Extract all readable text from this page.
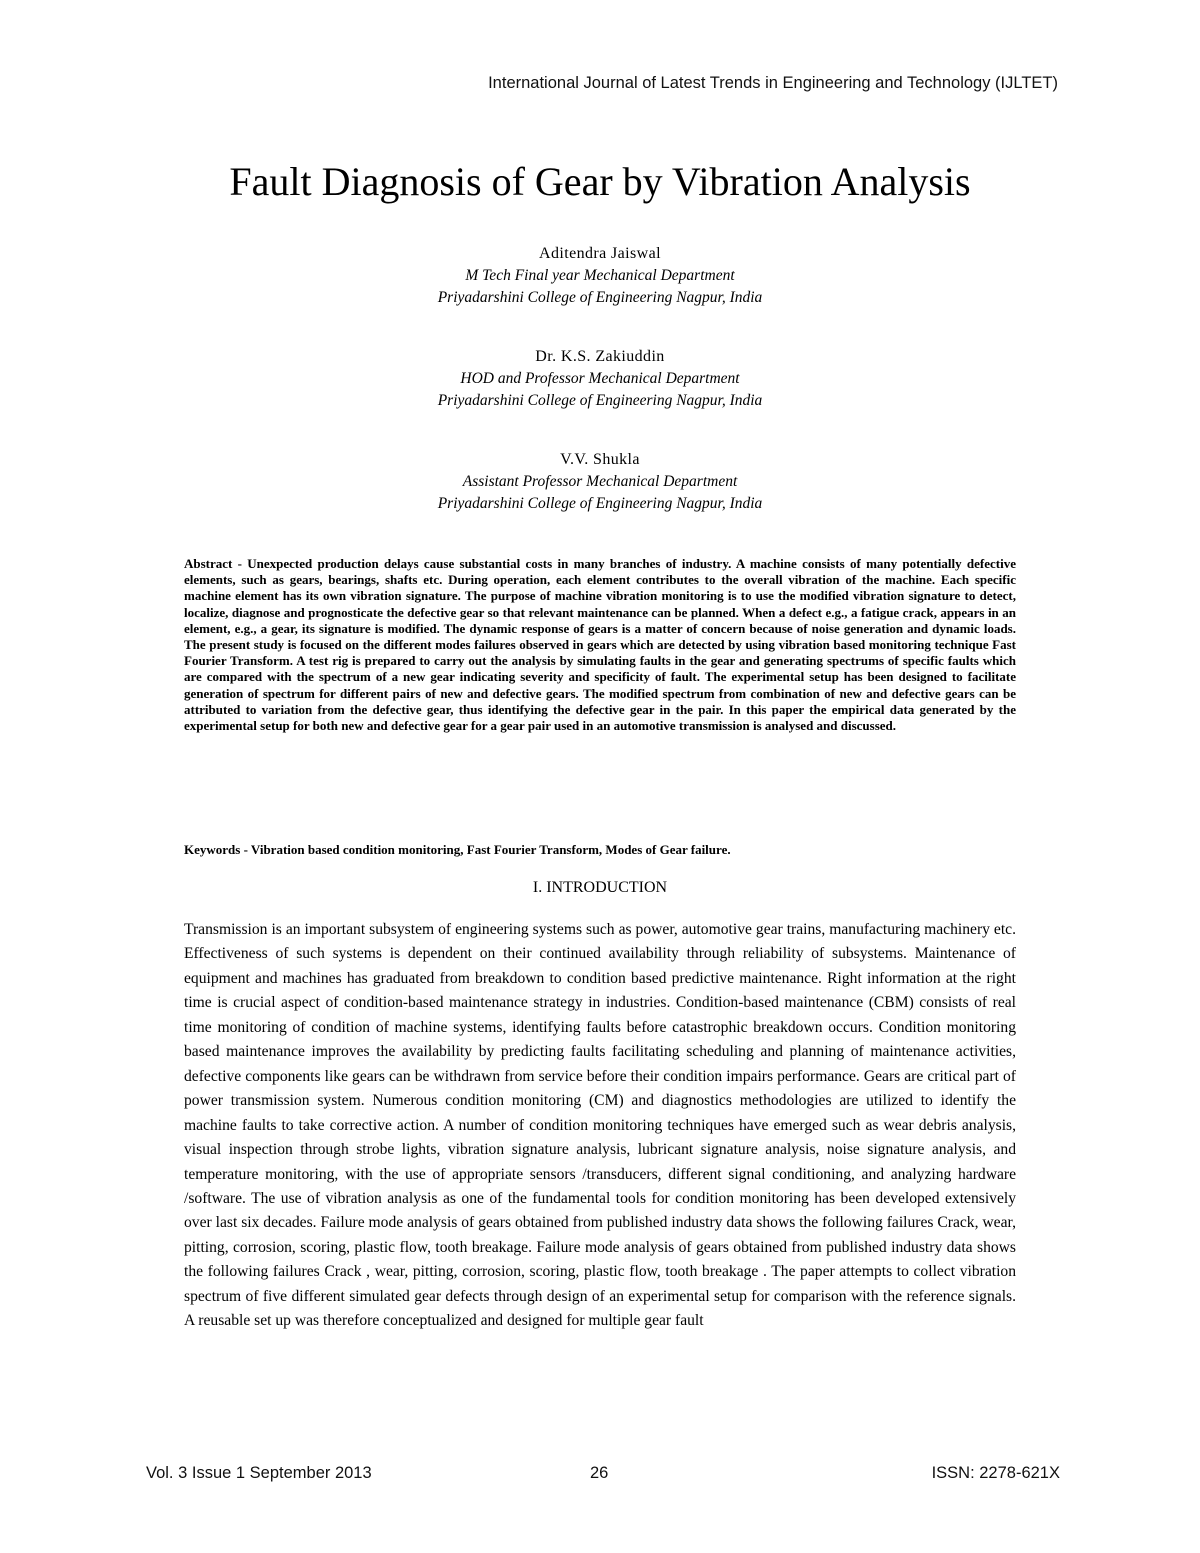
International Journal of Latest Trends in Engineering and Technology (IJLTET)
Fault Diagnosis of Gear by Vibration Analysis
Aditendra Jaiswal
M Tech Final year Mechanical Department
Priyadarshini College of Engineering Nagpur, India
Dr. K.S. Zakiuddin
HOD and Professor Mechanical Department
Priyadarshini College of Engineering Nagpur, India
V.V. Shukla
Assistant Professor Mechanical Department
Priyadarshini College of Engineering Nagpur, India

Abstract - Unexpected production delays cause substantial costs in many branches of industry. A machine consists of many potentially defective elements, such as gears, bearings, shafts etc. During operation, each element contributes to the overall vibration of the machine. Each specific machine element has its own vibration signature. The purpose of machine vibration monitoring is to use the modified vibration signature to detect, localize, diagnose and prognosticate the defective gear so that relevant maintenance can be planned. When a defect e.g., a fatigue crack, appears in an element, e.g., a gear, its signature is modified. The dynamic response of gears is a matter of concern because of noise generation and dynamic loads. The present study is focused on the different modes failures observed in gears which are detected by using vibration based monitoring technique Fast Fourier Transform. A test rig is prepared to carry out the analysis by simulating faults in the gear and generating spectrums of specific faults which are compared with the spectrum of a new gear indicating severity and specificity of fault. The experimental setup has been designed to facilitate generation of spectrum for different pairs of new and defective gears. The modified spectrum from combination of new and defective gears can be attributed to variation from the defective gear, thus identifying the defective gear in the pair. In this paper the empirical data generated by the experimental setup for both new and defective gear for a gear pair used in an automotive transmission is analysed and discussed.

Keywords - Vibration based condition monitoring, Fast Fourier Transform, Modes of Gear failure.

I. INTRODUCTION

Transmission is an important subsystem of engineering systems such as power, automotive gear trains, manufacturing machinery etc. Effectiveness of such systems is dependent on their continued availability through reliability of subsystems. Maintenance of equipment and machines has graduated from breakdown to condition based predictive maintenance. Right information at the right time is crucial aspect of condition-based maintenance strategy in industries. Condition-based maintenance (CBM) consists of real time monitoring of condition of machine systems, identifying faults before catastrophic breakdown occurs. Condition monitoring based maintenance improves the availability by predicting faults facilitating scheduling and planning of maintenance activities, defective components like gears can be withdrawn from service before their condition impairs performance. Gears are critical part of power transmission system. Numerous condition monitoring (CM) and diagnostics methodologies are utilized to identify the machine faults to take corrective action. A number of condition monitoring techniques have emerged such as wear debris analysis, visual inspection through strobe lights, vibration signature analysis, lubricant signature analysis, noise signature analysis, and temperature monitoring, with the use of appropriate sensors /transducers, different signal conditioning, and analyzing hardware /software. The use of vibration analysis as one of the fundamental tools for condition monitoring has been developed extensively over last six decades. Failure mode analysis of gears obtained from published industry data shows the following failures Crack, wear, pitting, corrosion, scoring, plastic flow, tooth breakage. Failure mode analysis of gears obtained from published industry data shows the following failures Crack , wear, pitting, corrosion, scoring, plastic flow, tooth breakage . The paper attempts to collect vibration spectrum of five different simulated gear defects through design of an experimental setup for comparison with the reference signals. A reusable set up was therefore conceptualized and designed for multiple gear fault

Vol. 3 Issue 1 September 2013	26	ISSN: 2278-621X
